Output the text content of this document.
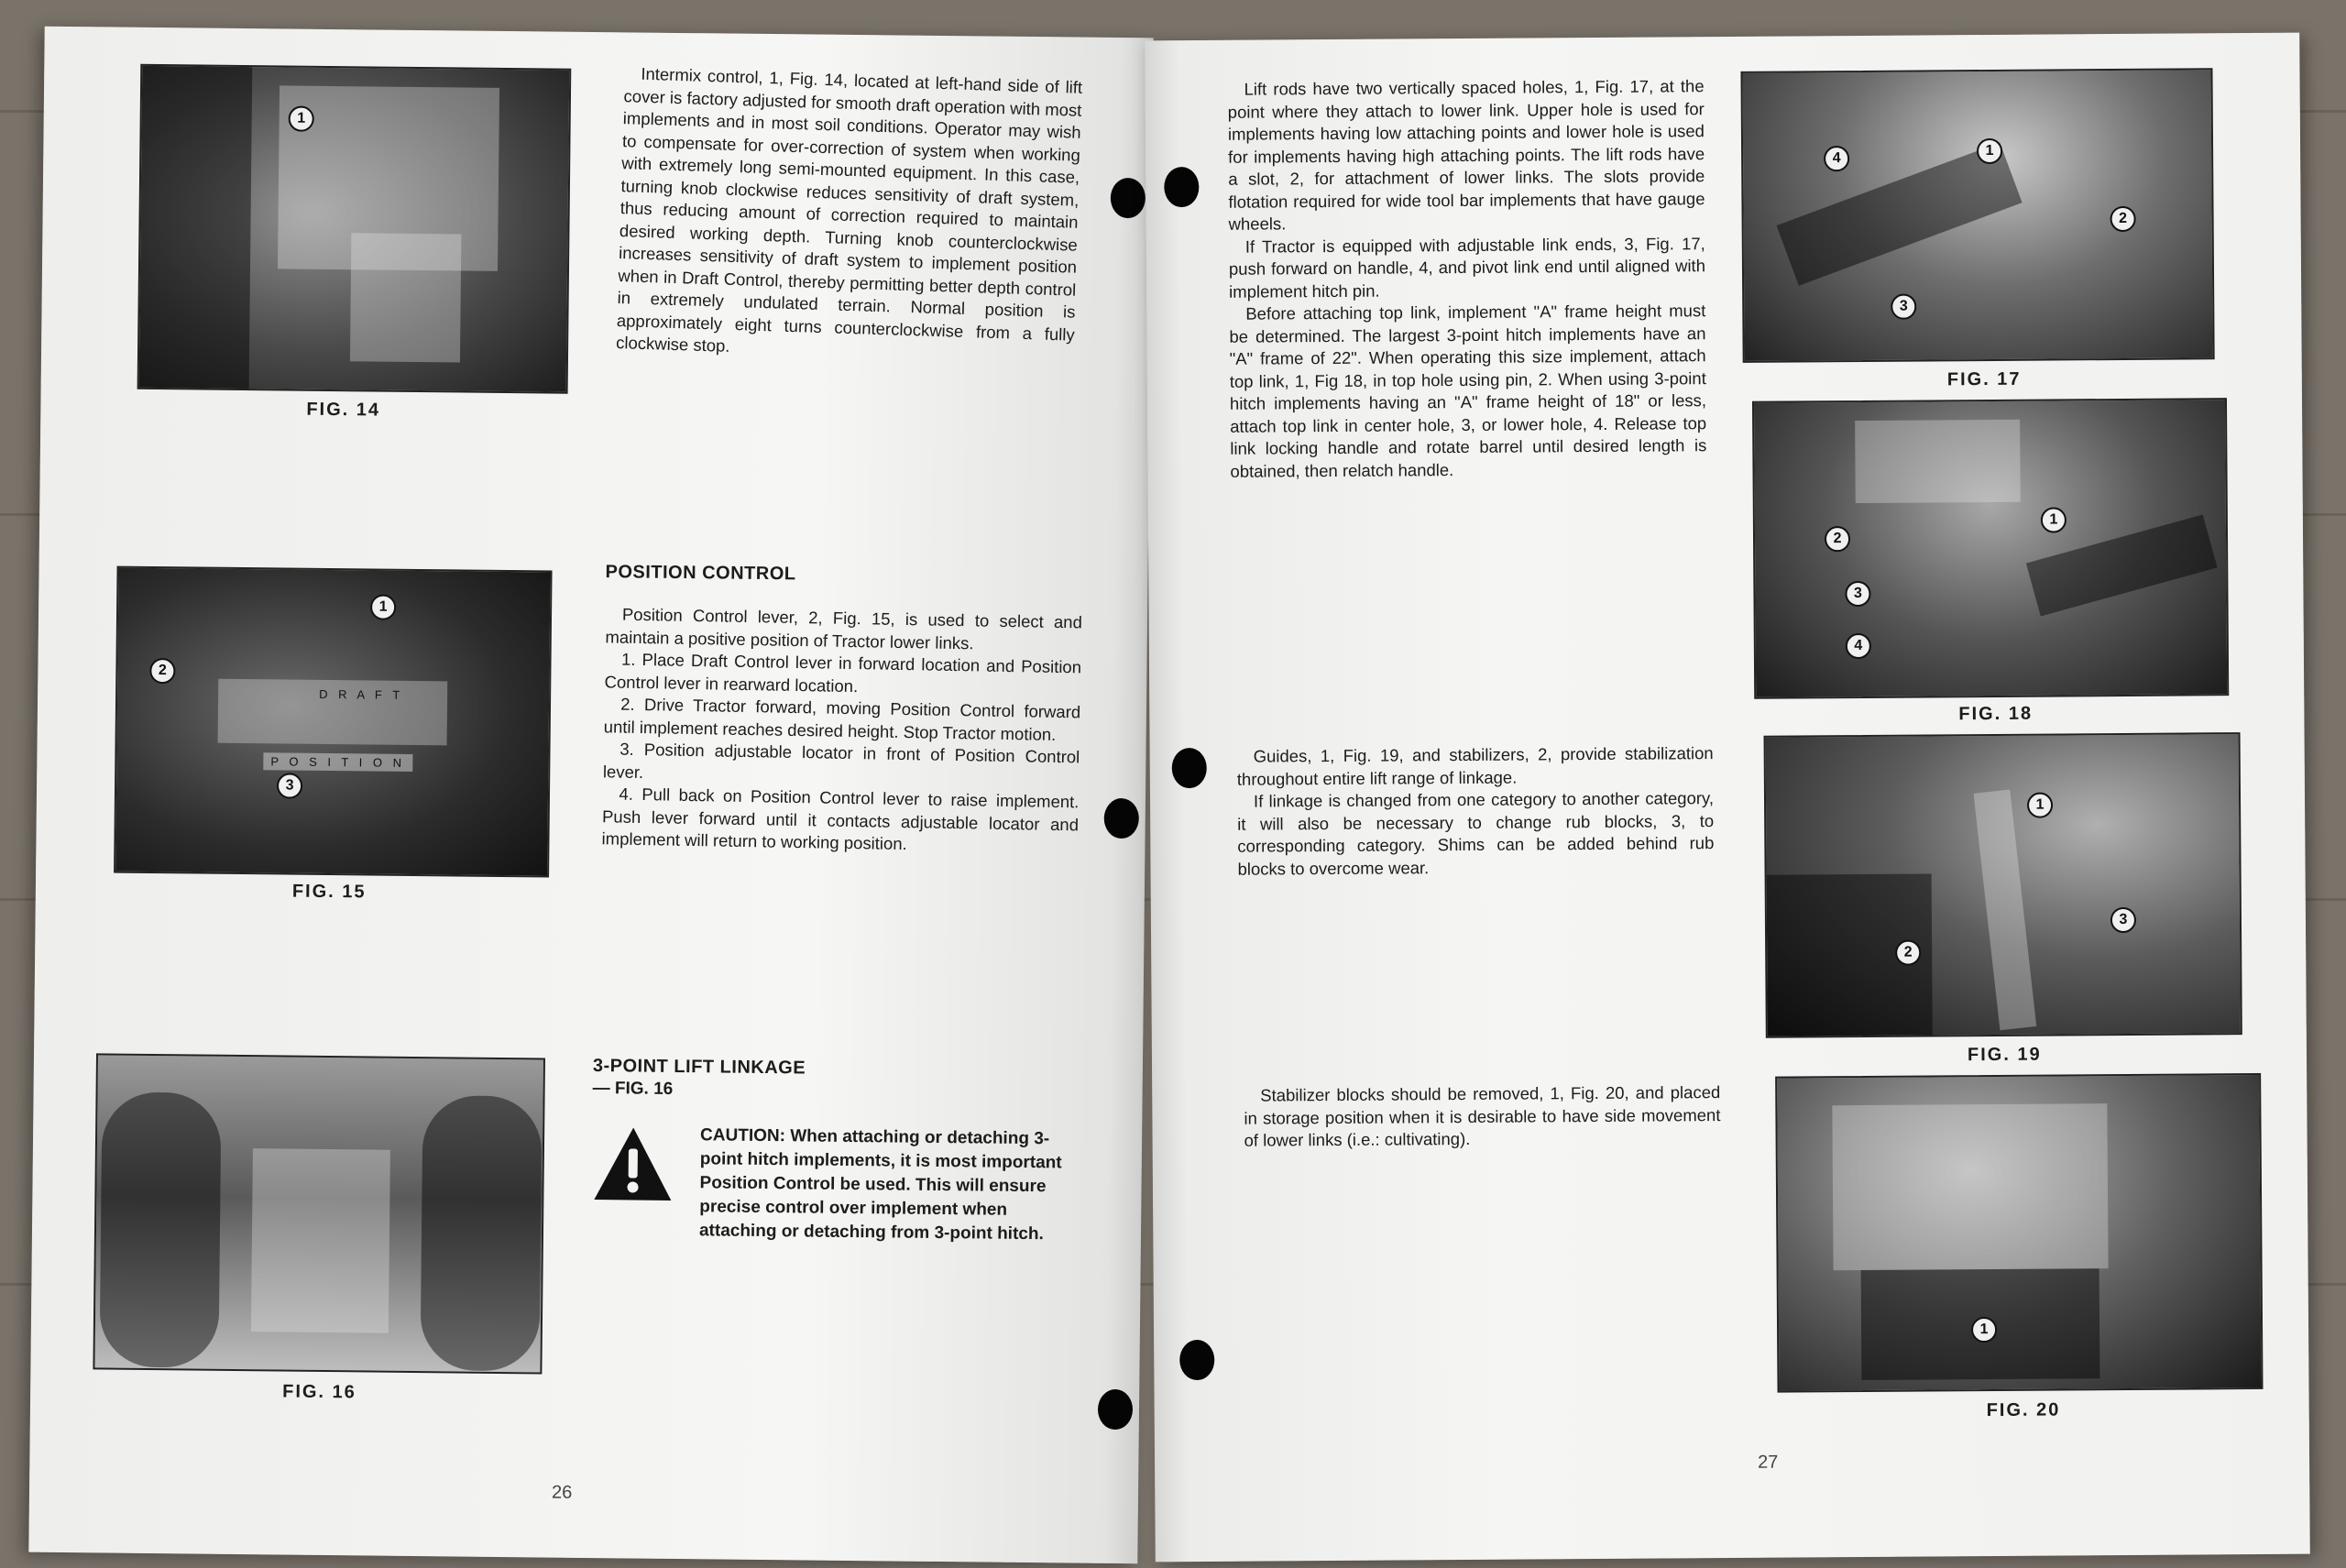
1
FIG. 14

Intermix control, 1, Fig. 14, located at left-hand side of lift cover is factory adjusted for smooth draft operation with most implements and in most soil conditions. Operator may wish to compensate for over-correction of system when working with extremely long semi-mounted equipment. In this case, turning knob clockwise reduces sensitivity of draft system, thus reducing amount of correction required to maintain desired working depth. Turning knob counterclockwise increases sensitivity of draft system to implement position when in Draft Control, thereby permitting better depth control in extremely undulated terrain. Normal position is approximately eight turns counterclockwise from a fully clockwise stop.

D R A F T
P O S I T I O N
1
2
3
FIG. 15
POSITION CONTROL

Position Control lever, 2, Fig. 15, is used to select and maintain a positive position of Tractor lower links.

1. Place Draft Control lever in forward location and Position Control lever in rearward location.

2. Drive Tractor forward, moving Position Control forward until implement reaches desired height. Stop Tractor motion.

3. Position adjustable locator in front of Position Control lever.

4. Pull back on Position Control lever to raise implement. Push lever forward until it contacts adjustable locator and implement will return to working position.

FIG. 16
3-POINT LIFT LINKAGE
— FIG. 16
CAUTION: When attaching or detaching 3-point hitch implements, it is most important Position Control be used. This will ensure precise control over implement when attaching or detaching from 3-point hitch.
26

Lift rods have two vertically spaced holes, 1, Fig. 17, at the point where they attach to lower link. Upper hole is used for implements having low attaching points and lower hole is used for implements having high attaching points. The lift rods have a slot, 2, for attachment of lower links. The slots provide flotation required for wide tool bar implements that have gauge wheels.

If Tractor is equipped with adjustable link ends, 3, Fig. 17, push forward on handle, 4, and pivot link end until aligned with implement hitch pin.

Before attaching top link, implement "A" frame height must be determined. The largest 3-point hitch implements have an "A" frame of 22". When operating this size implement, attach top link, 1, Fig 18, in top hole using pin, 2. When using 3-point hitch implements having an "A" frame height of 18" or less, attach top link in center hole, 3, or lower hole, 4. Release top link locking handle and rotate barrel until desired length is obtained, then relatch handle.

4	1
2
3
FIG. 17
2
1
3
4
FIG. 18

Guides, 1, Fig. 19, and stabilizers, 2, provide stabilization throughout entire lift range of linkage.

If linkage is changed from one category to another category, it will also be necessary to change rub blocks, 3, to corresponding category. Shims can be added behind rub blocks to overcome wear.

1
2
3
FIG. 19

Stabilizer blocks should be removed, 1, Fig. 20, and placed in storage position when it is desirable to have side movement of lower links (i.e.: cultivating).

1
FIG. 20
27
